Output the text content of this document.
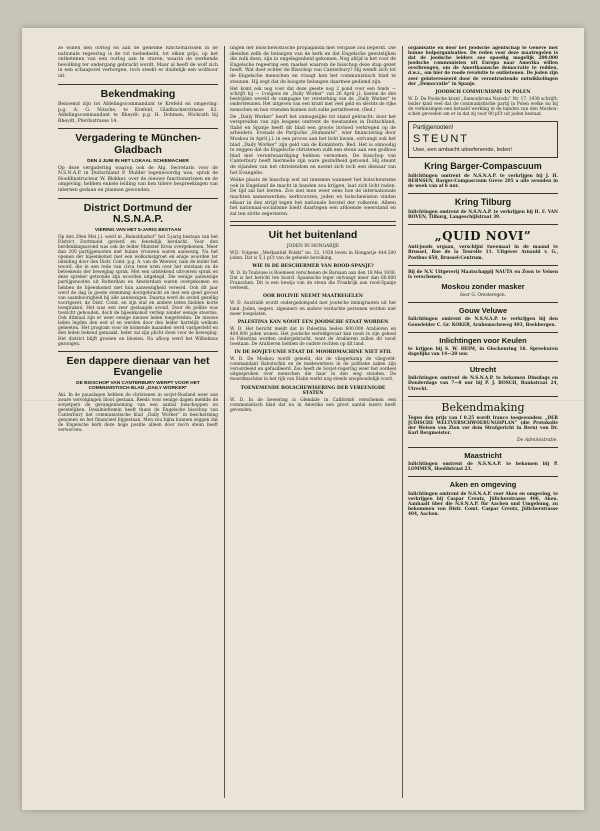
ze willen den oorlog en aan de geheime functionarissen in de nationale regeering is de rol toebedeeld, tot elken prijs, op het ontketenen van een oorlog aan te sturen, waarin de werkende bevolking ter ondergang gebracht wordt. Maar al heeft de wolf zich in een schaapsvel verborgen, toch steekt er duidelijk een wolfsoor uit.

Bekendmaking

Benoemd zijn tot Afdelingscommandant te Krefeld en omgeving: p.g. A. G. Nitsche, te Krefeld, Gladbacherstrasse 62. Afdelingscommandant te Rheydt: p.g. H. Dohmen, Wickrath bij Rheydt, Pferdsstrasse 14.

Vergadering te München-Gladbach
DEN 4 JUNI IN HET LOKAAL SCHIEMACHER

Op deze vergadering waarop ook de Alg. Secretaris voor de N.S.N.A.P. in Duitschland P. Mulder tegenwoordig was, sprak de Hoofdinstructeur W. Blokker, over de nieuwe functionarissen en de omgeving, hebben enkele leiding van hen tidere bespreekingen van internen gedaan en plannen gewonden.

District Dortmund der N.S.N.A.P.
VIERING VAN HET 5-JARIG BESTAAN

Op den 29en Mei j.l. werd in „Reinoldushof” het 5-jarig bestaan van het District Dortmund gevierd en feestelijk herdacht. Voor den herdenkingsavond was ook de leider Munster Kreis overgekomen. Meer dan 200 partijgenooten met hunne vrouwen waren aanwezig. Na het openen der bijeenkomst met een welkomstgroet en enige woorden ter inleiding door den Distr. Comt. p.g. A. van de Weewer, nam de leider het woord, die in een rede van circa twee uren over het ontstaan en de beteekenis der beweging sprak. Met een uitstekend uitvoeren sprak en deze spreker getoonde zijn woorden uitgelegd. Die eenige aanwezige partijgenooten uit Rotterdam en Amsterdam waren overgekomen en hebben de bijeenkomst met hun aanwezigheid vereerd. Ook dit jaar werd de dag in goede stemming doorgebracht en met een goed gevoel van saamhoorigheid bij alle aanwezigen. Daarna werd de avond gezellig voortgezet, de Distr. Comt. en zijn staf en andere leden hielden korte toespraken. Het was een zeer geslaagde avond. Door de politie was toezicht gehouden, doch de bijeenkomst verliep zonder eenige stoornis. Ook ditmaal zijn er weer eenige nieuwe leden toegetreden. De nieuwe leden legden den eed af en werden door den leider hartelijk welkom geheeten. Het program voor de komende maanden werd vastgesteld en den leden bekend gemaakt. Ieder zal zijn plicht doen voor de beweging. Het district blijft groeien en bloeien. Na afloop werd het Wilhelmus gezongen.

Een dappere dienaar van het Evangelie
DE BISSCHOP VAN CANTERBURY WERPT VOOR HET COMMUNISTISCH BLAD „DAILY WORKER”

Aki. In de pausdagen hebben de christenen in sovjet-Rusland weer aan zware vervolgingen bloot gestaan. Reeds voor eenige dagen meldde de sovjetpers de gevangenneming van een aantal bisschoppen en geestelijken. Desalniettemin heeft thans de Engelsche bisschop van Canterbury het communistische blad „Daily Worker” in bescherming genomen en het financieel bijgestaan. Men zou bijna kunnen zeggen dat de Engelsche kerk deze hoge positie alleen door zoo'n steun heeft verworven.

lingen der bolschewistische propaganda met vergade zou beperkt. Die dienden zelfs de belangen van de kerk en dat Engelsche geestelijken die zulk doen, zijn in ongelegenheid gekomen. Nog altijd is het voor de Engelsche regeering een raadsel waarom de bisschop deze stap gezet heeft. Wat doet echter de Bisschop van Canterbury? Hij wendt zich tot de Engelsche menschen en vraagt hen het communistisch blad te steunen. Hij zegt dat de hoogste belangen daarmee gediend zijn.

Het komt ook nog voor dat deze geeste nog 2 pond voor een fonds — schrijft hij — 1volgens de „Daily Worker” van 26 April j.l. kosten de den bestrijden wereld de campagne ter versterking van de „Daily Worker” te ondersteunen. Het uitgeven van een krant met veel geld en slechts de rijke menschen en hun vrienden kunnen zich zulks permitteeren. (Red.)

De „Daily Worker” heeft het onmogelijke tot stand gebracht: door het verspreiden van zijn leugens omtrent de toestanden in Duitschland, Italië en Spanje heeft dit blad een groote invloed verkregen op de arbeiders. Evenals de Parijsche „Humanité”, wier financiering door Moskou in April j.l. in een proces aan het licht kwam, ontvangt ook het blad „Daily Worker” zijn geld van de Komintern. Red. Het is onnoodig te zeggen dat de Engelsche christenen zulk een steun aan een godloos blad met verontwaardiging hebben vernomen. De bisschop van Canterbury heeft hiermede zijn ware gezindheid getoond. Hij steunt de vijanden van het christendom en noemt zich toch een dienaar van het Evangelie.

Welke plaats de bisschop wel zal innemen wanneer het bolschewisme ook in Engeland de macht in handen zou krijgen, laat zich licht raden. De tijd zal het leeren. Zoo ziet men weer eens hoe de internationale machten samenwerken: kerkvorsten, joden en bolschewisten vinden elkaar in den strijd tegen het nationale herstel der volkeren. Alleen het nationaal-socialisme biedt daartegen een afdoende weerstand en zal ten slotte zegevieren.

Uit het buitenland
JODEN IN HONGARIJE

W.D. Volgens „Merkantiel Polski” no. 22, 1938 leven in Hongarije 444.500 joden. Dat is 5,1 pCt van de geheele bevolking.

WIE IS DE BESCHERMER VAN ROOD-SPANJE?

W. D. In Toulouse is Roemeen verschenen de Barsaan aan den 18 Mei 1938. Dat is het bericht ten boord. Spaansche leger ontvangt meer dan 60.000 Franschen. Dit is een bewijs van de steun die Frankrijk aan rood-Spanje verleent.

OOR BOLIVIE NEEMT MAATREGELEN

W. D. Australië wordt ondergedompeld met joodsche immigranten uit het land. Joden, negers, zigeuners en andere verdachte personen worden niet meer toegelaten.

PALESTINA KAN NOOIT EEN JOODSCHE STAAT WORDEN

W. D. Het bericht meldt dat in Palestina heden 600.000 Arabieren en 400.000 joden wonen. Het joodsche wereldgevaar kan nooit in zijn geheel in Palestina worden ondergebracht, want de Arabieren zullen dit nooit toestaan. De Arabieren hebben de oudste rechten op dit land.

IN DE SOVJET-UNIE STAAT DE MOORDMACHINE NIET STIL

W. D. De Moskou wordt gemeld, dat de vliegerkamp de vliegveld-commandant Babotschin en de medewerkers in de politieke zaken zijn veroordeeld en gefusilleerd. Zoo heeft de Sovjet-regering weer het oordeel uitgesproken over menschen die haar in den weg stonden. De moordmachine in het rijk van Stalin werkt nog steeds onophoudelijk voort.

TOENEMENDE BOLSCHEWISERING DER VEREENIGDE STATEN

W. D. In de bewering is Glendale in Californië verschenen een communistisch blad dat nu in Amerika een groot aantal lezers heeft gevonden.

organisatie en door het joodsche agentschap te Genève met hunne hulporganisaties. De reden voor deze maatregelen is dat de joodsche leiders zoo spoedig mogelijk 200.000 joodsche communisten uit Europa naar Amerika willen overbrengen, om de Amerikaansche democratie te redden, d.w.z., om hier de roode revolutie te ontketenen. De joden zijn zeer geïnteresseerd door de verontrustende ontwikkelingen der „Democratie” in Spanje.

JOODSCH COMMUNISME IN POLEN

W. D. De Poolsche krant „Samoobrona Narodu” Nr. 17, 1938 schrijft: leider kind veel dat de communistische partij in Polen welke nu bij de verkiezingen een betaald werking in de handen van den Moskou-schen gevoelen om er in dat zij voor 90 pCt uit joden bestaat.

Partijgenooten!
STEUNT
Uwe, een ambacht uitoefenende, leden!
Kring Barger-Compascuum

Inlichtingen omtrent de N.S.N.A.P. te verkrijgen bij J. H. BERNSEN, Barger-Compascuum Greve 205 a alle avonden in de week van af 6 uur.

Kring Tilburg

Inlichtingen omtrent de N.S.N.A.P. te verkrijgen bij H. F. VAN BOVEN, Tilburg, Langeschijfstraat 39.

„QUID NOVI”

Anti-joods orgaan, verschijnt tweemaal in de maand te Brussel, Rue de la Tourelle 11. Uitgever Arnauld v. G., Postbus 650, Brussel-Centrum.

Bij de N.V. Uitgeverij Maatschappij NAUTA en Zoon te Velsen is verschenen:

Moskou zonder masker

door G. Oresteregen.

Gouw Veluwe

Inlichtingen omtrent de N.S.N.A.P. te verkrijgen bij den Gouwleider C. Gr. KOKER, Arnhemscheweg 403, Beekbergen.

Inlichtingen voor Keulen

te krijgen bij S. W. HEIM, in Glockenring 16. Spreekuren dagelijks van 14—20 uur.

Utrecht

Inlichtingen omtrent de N.S.N.A.P. te bekomen Dinsdags en Donderdags van 7—8 uur bij P. J. BOSCH, Bankstraat 24, Utrecht.

Bekendmaking

Tegen den prijs van f 0.25 wordt franco toegezonden: „DER JUDISCHE WELTVERSCHWOERUNGSPLAN” (die Protokolle der Weisen von Zion vor dem Strafgericht in Bern) von Dr. Karl Bergmeister.

De Administratie.
Maastricht

Inlichtingen omtrent de N.S.N.A.P. te bekomen bij P. LOMMEN, Hoofdstraat 23.

Aken en omgeving

Inlichtingen omtrent de N.S.N.A.P. voor Aken en omgeving, te verkrijgen bij Caspar Creutz, Jülicherstrasse 406, Aken. Aanhaalt über die N.S.N.A.P. für Aachen und Umgebung, zu bekommen von Distr. Comt. Caspar Creutz, Jülicherstrasse 404, Aachen.
